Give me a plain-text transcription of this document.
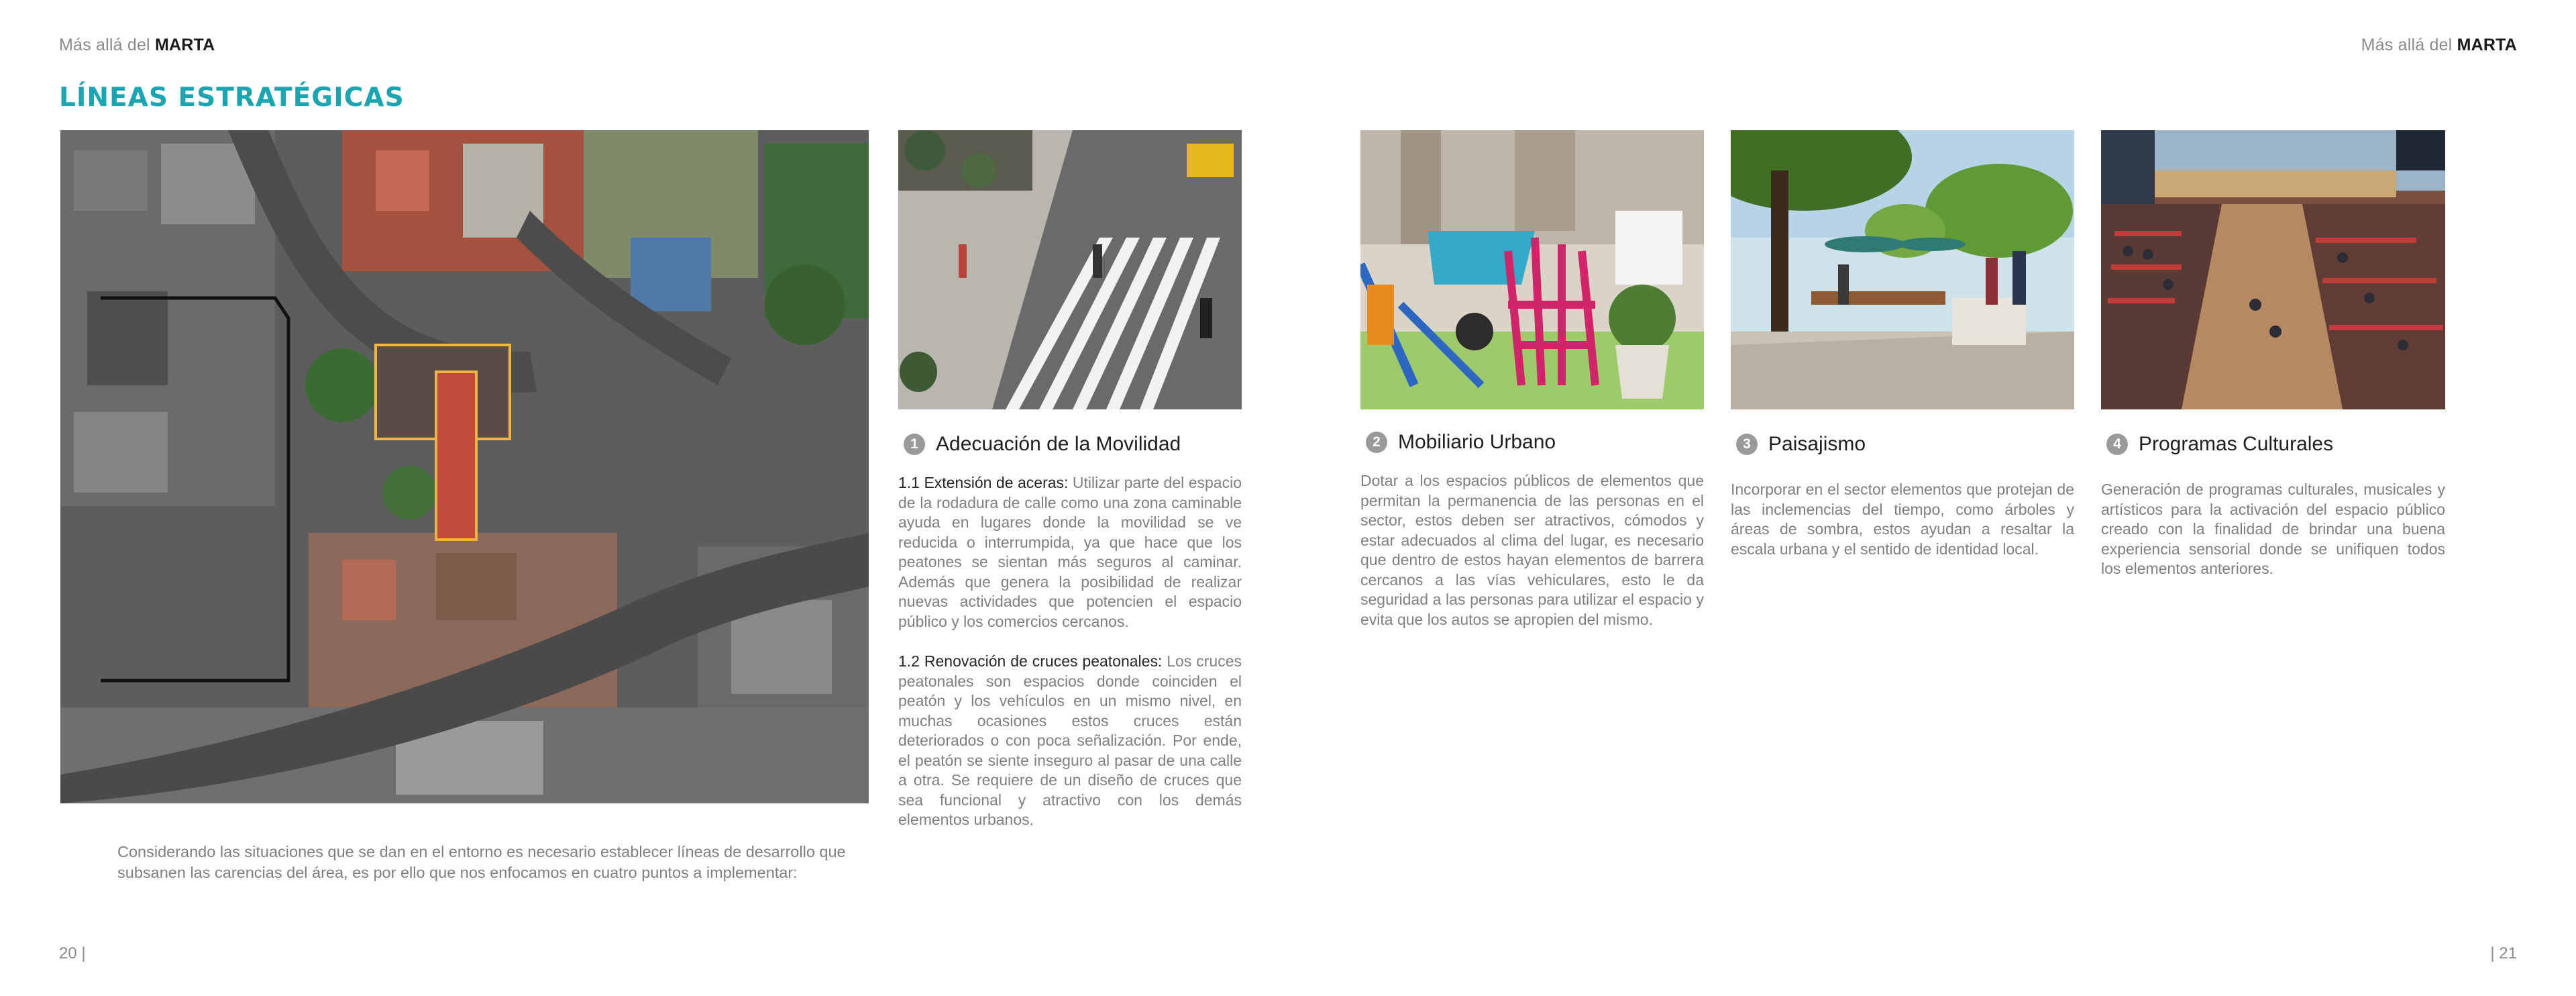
Más allá del MARTA	Más allá del MARTA
LÍNEAS ESTRATÉGICAS
Considerando las situaciones que se dan en el entorno es necesario establecer líneas de desarrollo que subsanen las carencias del área, es por ello que nos enfocamos en cuatro puntos a implementar:
1 Adecuación de la Movilidad

1.1 Extensión de aceras: Utilizar parte del espacio de la rodadura de calle como una zona caminable ayuda en lugares donde la movilidad se ve reducida o interrumpida, ya que hace que los peatones se sientan más seguros al caminar. Además que genera la posibilidad de realizar nuevas actividades que potencien el espacio público y los comercios cercanos.

1.2 Renovación de cruces peatonales: Los cruces peatonales son espacios donde coinciden el peatón y los vehículos en un mismo nivel, en muchas ocasiones estos cruces están deteriorados o con poca señalización. Por ende, el peatón se siente inseguro al pasar de una calle a otra. Se requiere de un diseño de cruces que sea funcional y atractivo con los demás elementos urbanos.

2 Mobiliario Urbano
Dotar a los espacios públicos de elementos que permitan la permanencia de las personas en el sector, estos deben ser atractivos, cómodos y estar adecuados al clima del lugar, es necesario que dentro de estos hayan elementos de barrera cercanos a las vías vehiculares, esto le da seguridad a las personas para utilizar el espacio y evita que los autos se apropien del mismo.
3 Paisajismo
Incorporar en el sector elementos que protejan de las inclemencias del tiempo, como árboles y áreas de sombra, estos ayudan a resaltar la escala urbana y el sentido de identidad local.
4 Programas Culturales
Generación de programas culturales, musicales y artísticos para la activación del espacio público creado con la finalidad de brindar una buena experiencia sensorial donde se unifiquen todos los elementos anteriores.
20 |	| 21
